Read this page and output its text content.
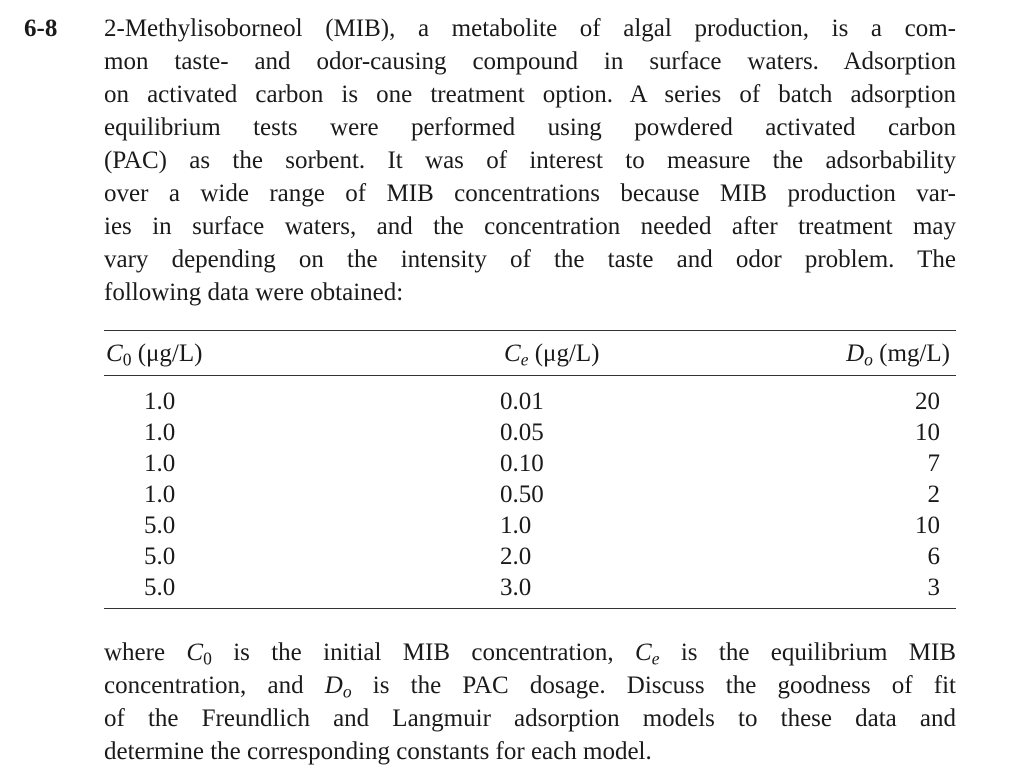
6-8 2-Methylisoborneol (MIB), a metabolite of algal production, is a com-
mon taste- and odor-causing compound in surface waters. Adsorption
on activated carbon is one treatment option. A series of batch adsorption
equilibrium tests were performed using powdered activated carbon
(PAC) as the sorbent. It was of interest to measure the adsorbability
over a wide range of MIB concentrations because MIB production var-
ies in surface waters, and the concentration needed after treatment may
vary depending on the intensity of the taste and odor problem. The
following data were obtained:
$C_0$ (μg/L)	$C_e$ (μg/L)	$D_o$ (mg/L)
1.0	0.01	20
1.0	0.05	10
1.0	0.10	7
1.0	0.50	2
5.0	1.0	10
5.0	2.0	6
5.0	3.0	3
where $C_0$ is the initial MIB concentration, $C_e$ is the equilibrium MIB
concentration, and $D_o$ is the PAC dosage. Discuss the goodness of fit
of the Freundlich and Langmuir adsorption models to these data and
determine the corresponding constants for each model.
